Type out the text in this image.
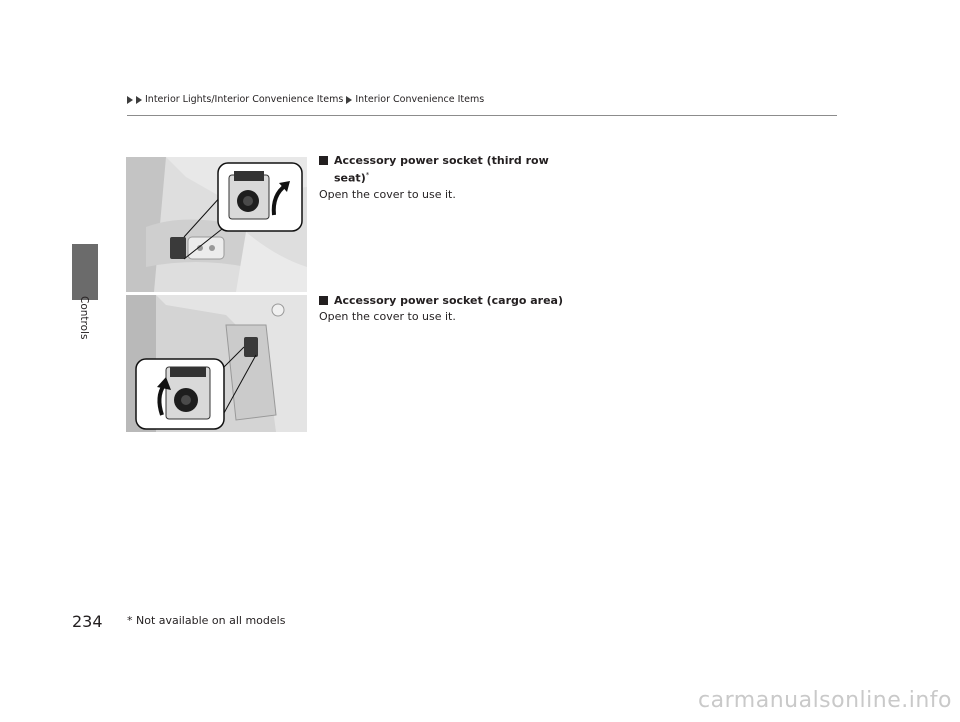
Interior Lights/Interior Convenience Items Interior Convenience Items
Controls
Accessory power socket (third row seat)*
Open the cover to use it.
Accessory power socket (cargo area)
Open the cover to use it.
234 * Not available on all models
carmanualsonline.info
